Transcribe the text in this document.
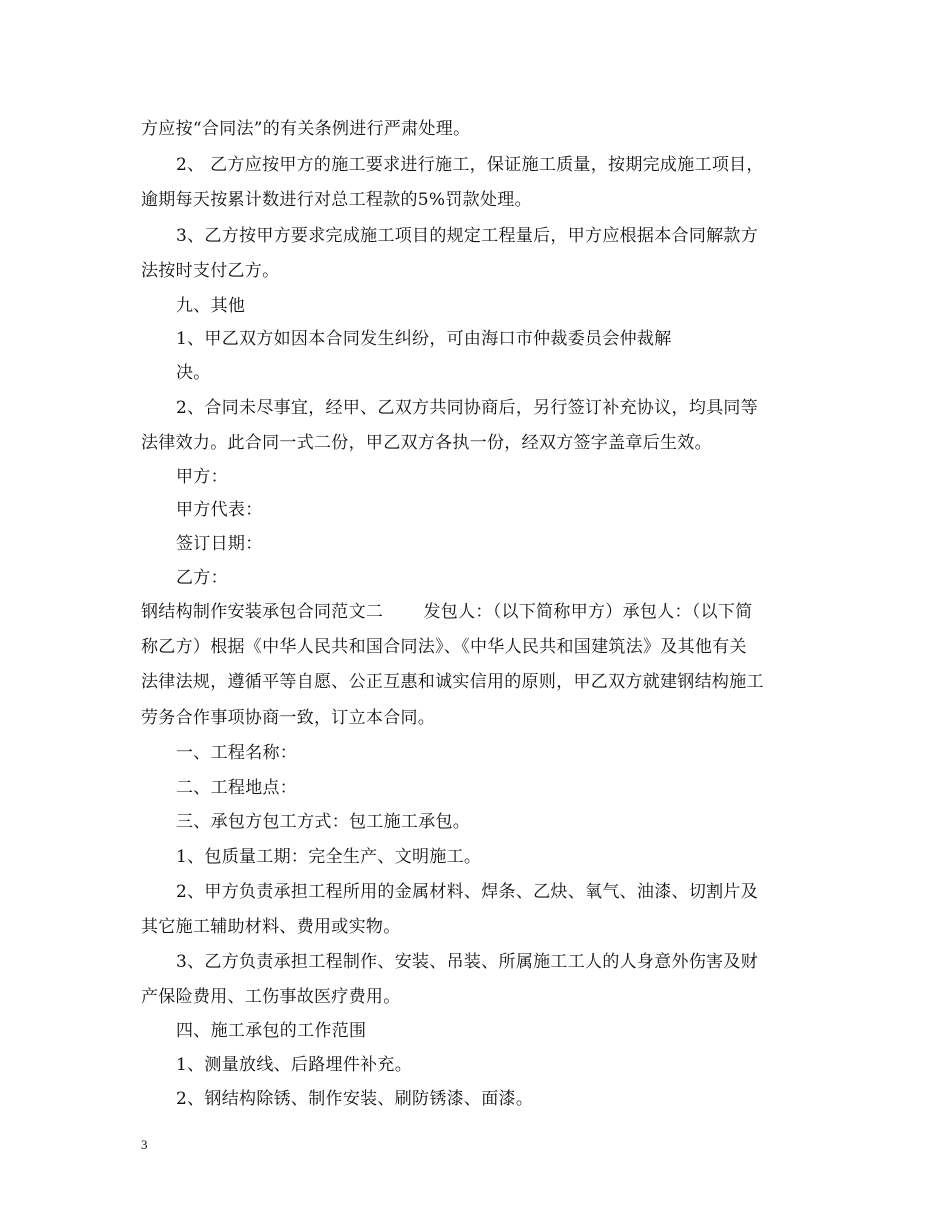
方应按“合同法”的有关条例进行严肃处理。
2、 乙方应按甲方的施工要求进行施工，保证施工质量，按期完成施工项目，
逾期每天按累计数进行对总工程款的5%罚款处理。
3、乙方按甲方要求完成施工项目的规定工程量后，甲方应根据本合同解款方
法按时支付乙方。
九、其他
1、甲乙双方如因本合同发生纠纷，可由海口市仲裁委员会仲裁解
决。
2、合同未尽事宜，经甲、乙双方共同协商后，另行签订补充协议，均具同等
法律效力。此合同一式二份，甲乙双方各执一份，经双方签字盖章后生效。
甲方：
甲方代表：
签订日期：
乙方：
钢结构制作安装承包合同范文二　　 发包人：（以下简称甲方）承包人：（以下简
称乙方）根据《中华人民共和国合同法》、《中华人民共和国建筑法》及其他有关
法律法规，遵循平等自愿、公正互惠和诚实信用的原则，甲乙双方就建钢结构施工
劳务合作事项协商一致，订立本合同。
一、工程名称：
二、工程地点：
三、承包方包工方式：包工施工承包。
1、包质量工期：完全生产、文明施工。
2、甲方负责承担工程所用的金属材料、焊条、乙炔、氧气、油漆、切割片及
其它施工辅助材料、费用或实物。
3、乙方负责承担工程制作、安装、吊装、所属施工工人的人身意外伤害及财
产保险费用、工伤事故医疗费用。
四、施工承包的工作范围
1、测量放线、后路埋件补充。
2、钢结构除锈、制作安装、刷防锈漆、面漆。
3
